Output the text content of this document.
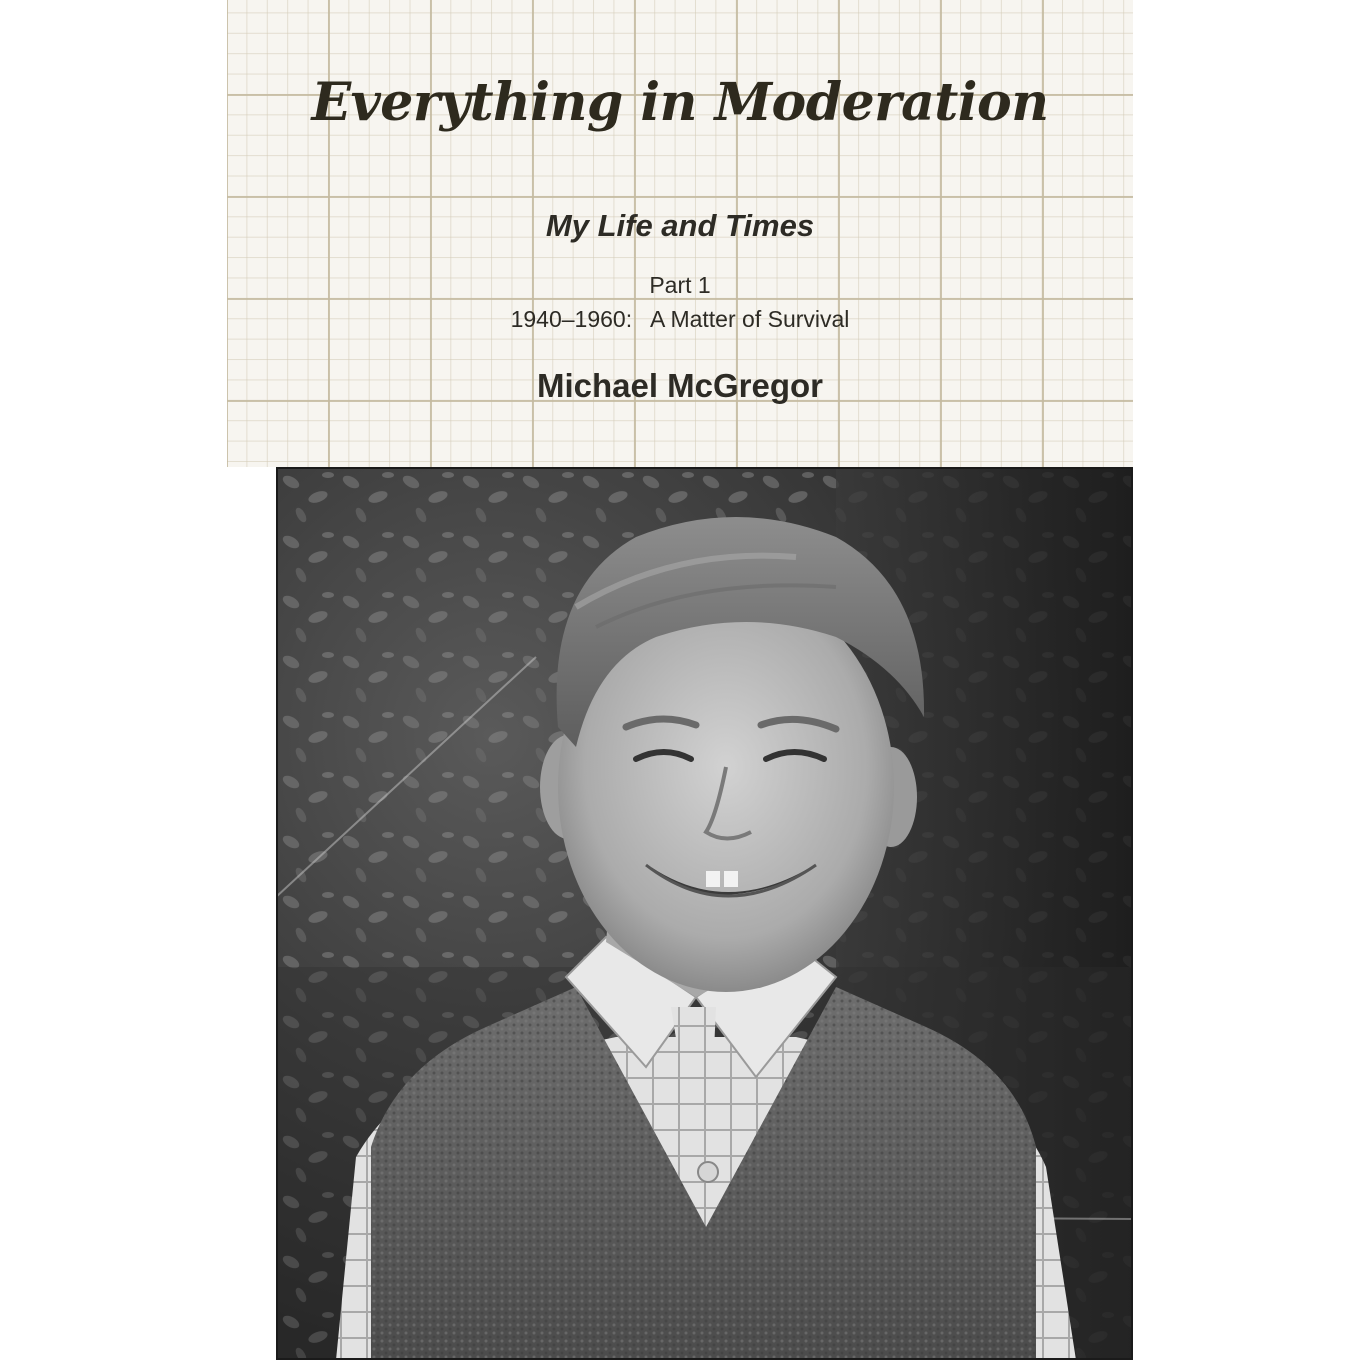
Everything in Moderation
My Life and Times
Part 1
1940–1960:   A Matter of Survival
Michael McGregor
